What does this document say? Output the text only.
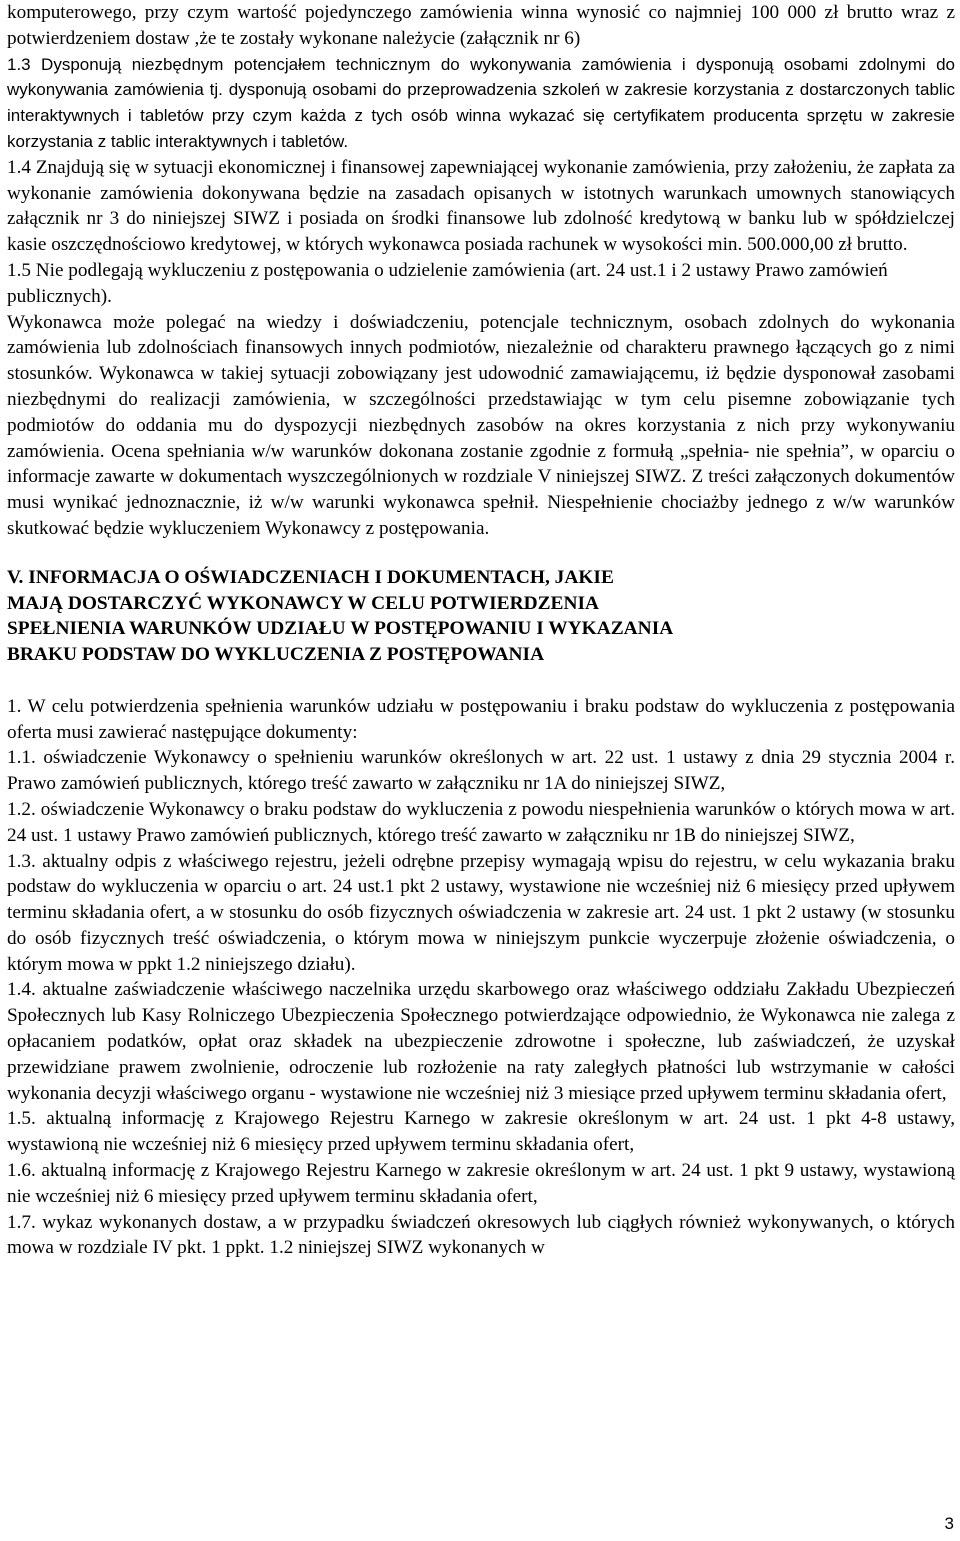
komputerowego, przy czym wartość pojedynczego zamówienia winna wynosić co najmniej 100 000 zł brutto wraz z potwierdzeniem dostaw ,że te zostały wykonane należycie (załącznik nr 6)

1.3 Dysponują niezbędnym potencjałem technicznym do wykonywania zamówienia i dysponują osobami zdolnymi do wykonywania zamówienia tj. dysponują osobami do przeprowadzenia szkoleń w zakresie korzystania z dostarczonych tablic interaktywnych i tabletów przy czym każda z tych osób winna wykazać się certyfikatem producenta sprzętu w zakresie korzystania z tablic interaktywnych i tabletów.

1.4 Znajdują się w sytuacji ekonomicznej i finansowej zapewniającej wykonanie zamówienia, przy założeniu, że zapłata za wykonanie zamówienia dokonywana będzie na zasadach opisanych w istotnych warunkach umownych stanowiących załącznik nr 3 do niniejszej SIWZ i posiada on środki finansowe lub zdolność kredytową w banku lub w spółdzielczej kasie oszczędnościowo kredytowej, w których wykonawca posiada rachunek w wysokości min. 500.000,00 zł brutto.

1.5 Nie podlegają wykluczeniu z postępowania o udzielenie zamówienia (art. 24 ust.1 i 2 ustawy Prawo zamówień publicznych).

Wykonawca może polegać na wiedzy i doświadczeniu, potencjale technicznym, osobach zdolnych do wykonania zamówienia lub zdolnościach finansowych innych podmiotów, niezależnie od charakteru prawnego łączących go z nimi stosunków. Wykonawca w takiej sytuacji zobowiązany jest udowodnić zamawiającemu, iż będzie dysponował zasobami niezbędnymi do realizacji zamówienia, w szczególności przedstawiając w tym celu pisemne zobowiązanie tych podmiotów do oddania mu do dyspozycji niezbędnych zasobów na okres korzystania z nich przy wykonywaniu zamówienia. Ocena spełniania w/w warunków dokonana zostanie zgodnie z formułą „spełnia- nie spełnia”, w oparciu o informacje zawarte w dokumentach wyszczególnionych w rozdziale V niniejszej SIWZ. Z treści załączonych dokumentów musi wynikać jednoznacznie, iż w/w warunki wykonawca spełnił. Niespełnienie chociażby jednego z w/w warunków skutkować będzie wykluczeniem Wykonawcy z postępowania.

V. INFORMACJA O OŚWIADCZENIACH I DOKUMENTACH, JAKIE
MAJĄ DOSTARCZYĆ WYKONAWCY W CELU POTWIERDZENIA
SPEŁNIENIA WARUNKÓW UDZIAŁU W POSTĘPOWANIU I WYKAZANIA
BRAKU PODSTAW DO WYKLUCZENIA Z POSTĘPOWANIA

1. W celu potwierdzenia spełnienia warunków udziału w postępowaniu i braku podstaw do wykluczenia z postępowania oferta musi zawierać następujące dokumenty:

1.1. oświadczenie Wykonawcy o spełnieniu warunków określonych w art. 22 ust. 1 ustawy z dnia 29 stycznia 2004 r. Prawo zamówień publicznych, którego treść zawarto w załączniku nr 1A do niniejszej SIWZ,

1.2. oświadczenie Wykonawcy o braku podstaw do wykluczenia z powodu niespełnienia warunków o których mowa w art. 24 ust. 1 ustawy Prawo zamówień publicznych, którego treść zawarto w załączniku nr 1B do niniejszej SIWZ,

1.3. aktualny odpis z właściwego rejestru, jeżeli odrębne przepisy wymagają wpisu do rejestru, w celu wykazania braku podstaw do wykluczenia w oparciu o art. 24 ust.1 pkt 2 ustawy, wystawione nie wcześniej niż 6 miesięcy przed upływem terminu składania ofert, a w stosunku do osób fizycznych oświadczenia w zakresie art. 24 ust. 1 pkt 2 ustawy (w stosunku do osób fizycznych treść oświadczenia, o którym mowa w niniejszym punkcie wyczerpuje złożenie oświadczenia, o którym mowa w ppkt 1.2 niniejszego działu).

1.4. aktualne zaświadczenie właściwego naczelnika urzędu skarbowego oraz właściwego oddziału Zakładu Ubezpieczeń Społecznych lub Kasy Rolniczego Ubezpieczenia Społecznego potwierdzające odpowiednio, że Wykonawca nie zalega z opłacaniem podatków, opłat oraz składek na ubezpieczenie zdrowotne i społeczne, lub zaświadczeń, że uzyskał przewidziane prawem zwolnienie, odroczenie lub rozłożenie na raty zaległych płatności lub wstrzymanie w całości wykonania decyzji właściwego organu - wystawione nie wcześniej niż 3 miesiące przed upływem terminu składania ofert,

1.5. aktualną informację z Krajowego Rejestru Karnego w zakresie określonym w art. 24 ust. 1 pkt 4-8 ustawy, wystawioną nie wcześniej niż 6 miesięcy przed upływem terminu składania ofert,

1.6. aktualną informację z Krajowego Rejestru Karnego w zakresie określonym w art. 24 ust. 1 pkt 9 ustawy, wystawioną nie wcześniej niż 6 miesięcy przed upływem terminu składania ofert,

1.7. wykaz wykonanych dostaw, a w przypadku świadczeń okresowych lub ciągłych również wykonywanych, o których mowa w rozdziale IV pkt. 1 ppkt. 1.2 niniejszej SIWZ wykonanych w

3
